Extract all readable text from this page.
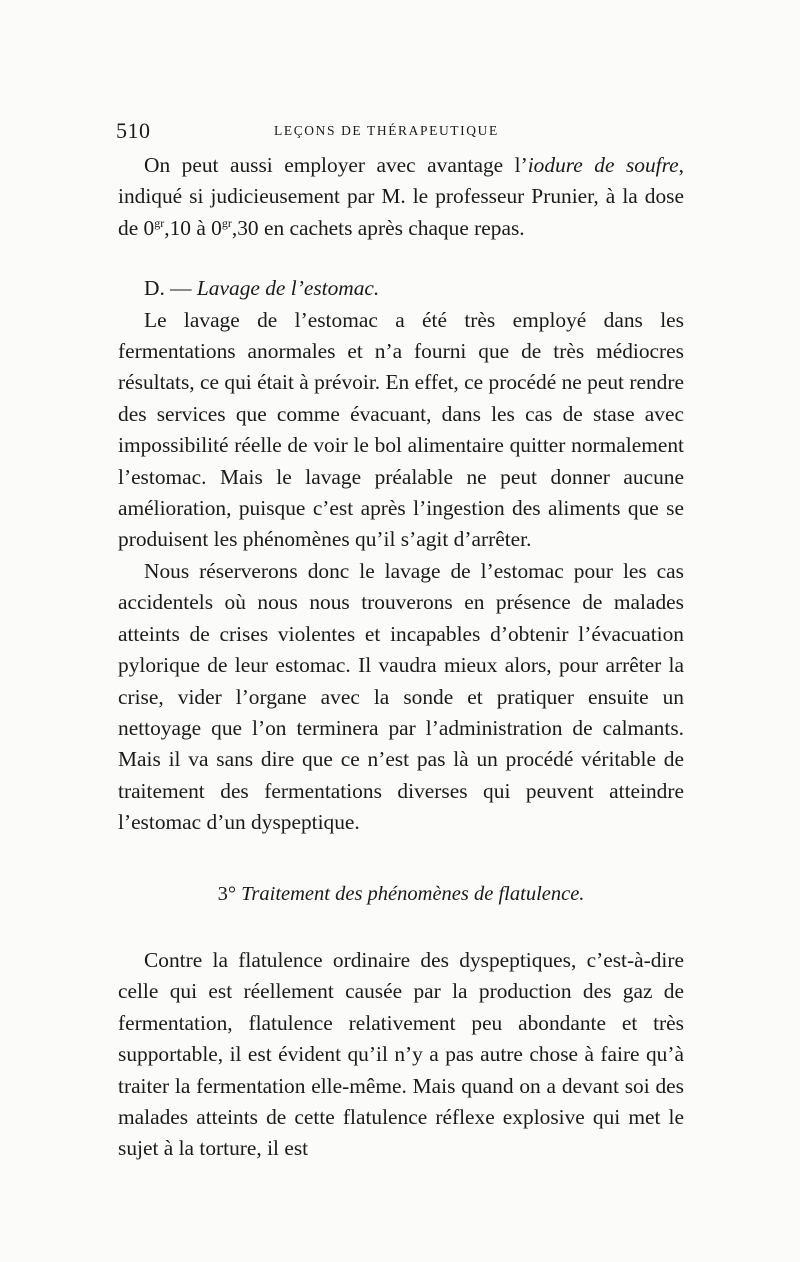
510	LEÇONS DE THÉRAPEUTIQUE

On peut aussi employer avec avantage l’iodure de soufre, indiqué si judicieusement par M. le professeur Prunier, à la dose de $0^{gr},10$ à $0^{gr},30$ en cachets après chaque repas.

D. — Lavage de l’estomac.

Le lavage de l’estomac a été très employé dans les fermentations anormales et n’a fourni que de très médiocres résultats, ce qui était à prévoir. En effet, ce procédé ne peut rendre des services que comme évacuant, dans les cas de stase avec impossibilité réelle de voir le bol alimentaire quitter normalement l’estomac. Mais le lavage préalable ne peut donner aucune amélioration, puisque c’est après l’ingestion des aliments que se produisent les phénomènes qu’il s’agit d’arrêter.

Nous réserverons donc le lavage de l’estomac pour les cas accidentels où nous nous trouverons en présence de malades atteints de crises violentes et incapables d’obtenir l’évacuation pylorique de leur estomac. Il vaudra mieux alors, pour arrêter la crise, vider l’organe avec la sonde et pratiquer ensuite un nettoyage que l’on terminera par l’administration de calmants. Mais il va sans dire que ce n’est pas là un procédé véritable de traitement des fermentations diverses qui peuvent atteindre l’estomac d’un dyspeptique.

3° Traitement des phénomènes de flatulence.

Contre la flatulence ordinaire des dyspeptiques, c’est-à-dire celle qui est réellement causée par la production des gaz de fermentation, flatulence relativement peu abondante et très supportable, il est évident qu’il n’y a pas autre chose à faire qu’à traiter la fermentation elle-même. Mais quand on a devant soi des malades atteints de cette flatulence réflexe explosive qui met le sujet à la torture, il est
